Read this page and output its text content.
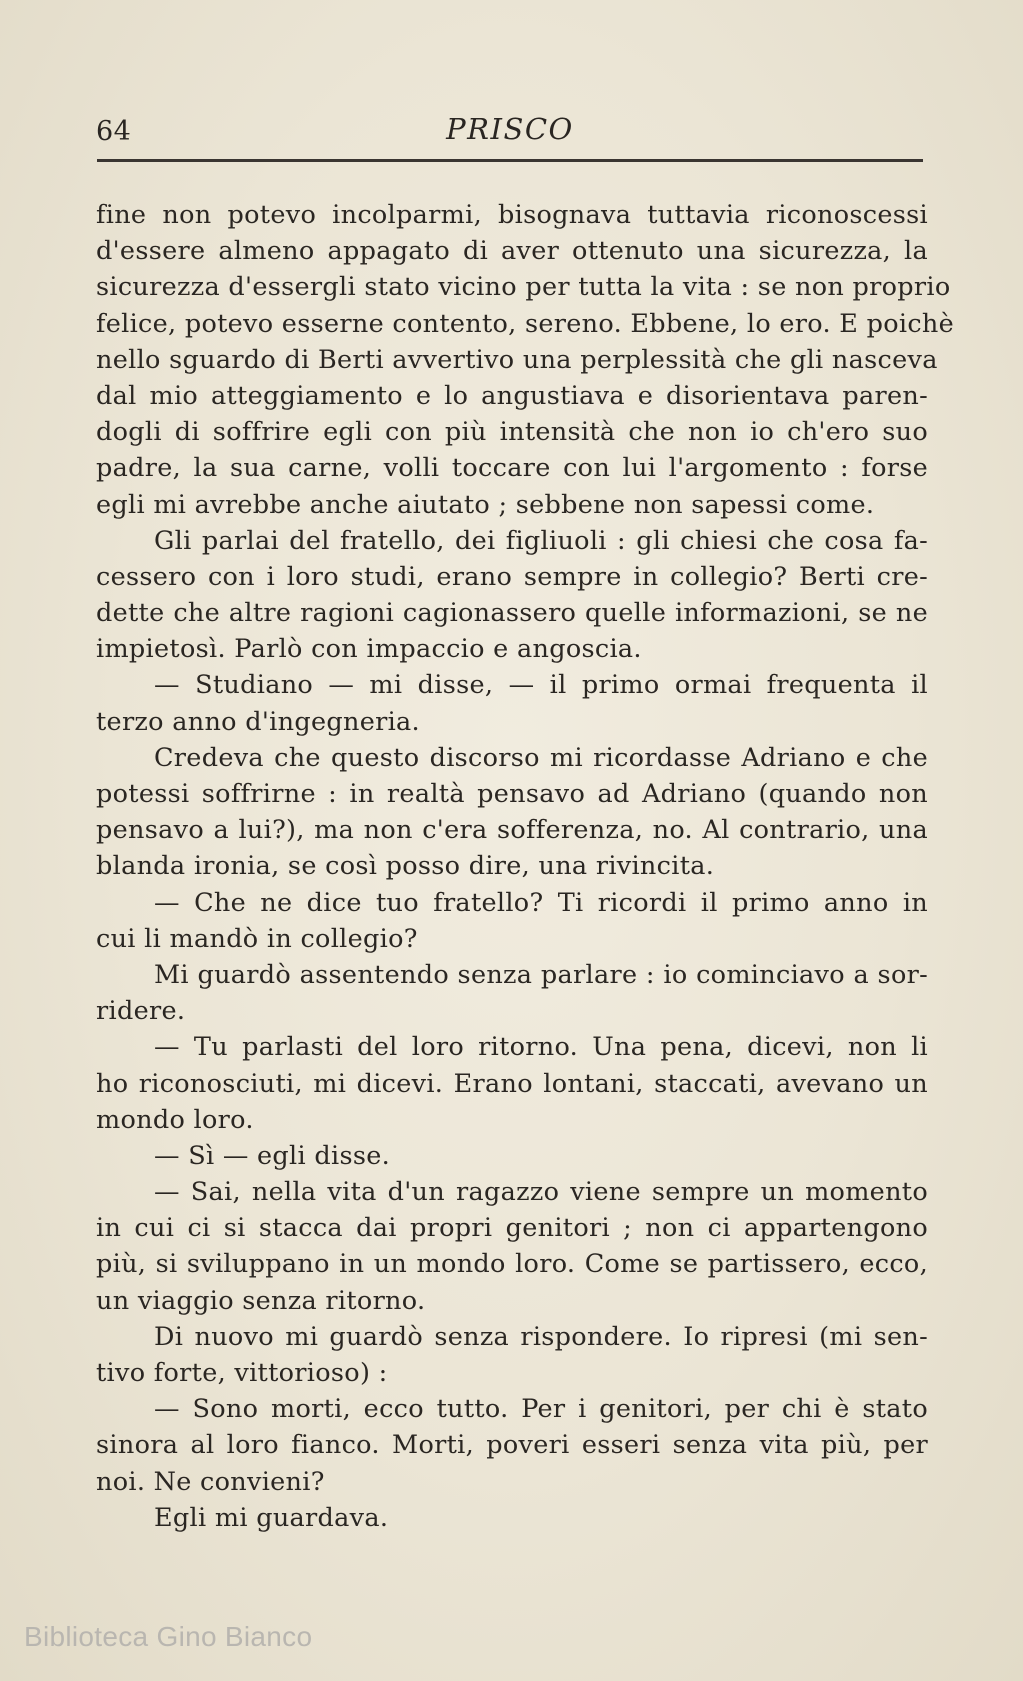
64	PRISCO
fine non potevo incolparmi, bisognava tuttavia riconoscessi
d'essere almeno appagato di aver ottenuto una sicurezza, la
sicurezza d'essergli stato vicino per tutta la vita : se non proprio
felice, potevo esserne contento, sereno. Ebbene, lo ero. E poichè
nello sguardo di Berti avvertivo una perplessità che gli nasceva
dal mio atteggiamento e lo angustiava e disorientava paren-
dogli di soffrire egli con più intensità che non io ch'ero suo
padre, la sua carne, volli toccare con lui l'argomento : forse
egli mi avrebbe anche aiutato ; sebbene non sapessi come.
Gli parlai del fratello, dei figliuoli : gli chiesi che cosa fa-
cessero con i loro studi, erano sempre in collegio? Berti cre-
dette che altre ragioni cagionassero quelle informazioni, se ne
impietosì. Parlò con impaccio e angoscia.
— Studiano — mi disse, — il primo ormai frequenta il
terzo anno d'ingegneria.
Credeva che questo discorso mi ricordasse Adriano e che
potessi soffrirne : in realtà pensavo ad Adriano (quando non
pensavo a lui?), ma non c'era sofferenza, no. Al contrario, una
blanda ironia, se così posso dire, una rivincita.
— Che ne dice tuo fratello? Ti ricordi il primo anno in
cui li mandò in collegio?
Mi guardò assentendo senza parlare : io cominciavo a sor-
ridere.
— Tu parlasti del loro ritorno. Una pena, dicevi, non li
ho riconosciuti, mi dicevi. Erano lontani, staccati, avevano un
mondo loro.
— Sì — egli disse.
— Sai, nella vita d'un ragazzo viene sempre un momento
in cui ci si stacca dai propri genitori ; non ci appartengono
più, si sviluppano in un mondo loro. Come se partissero, ecco,
un viaggio senza ritorno.
Di nuovo mi guardò senza rispondere. Io ripresi (mi sen-
tivo forte, vittorioso) :
— Sono morti, ecco tutto. Per i genitori, per chi è stato
sinora al loro fianco. Morti, poveri esseri senza vita più, per
noi. Ne convieni?
Egli mi guardava.
Biblioteca Gino Bianco
